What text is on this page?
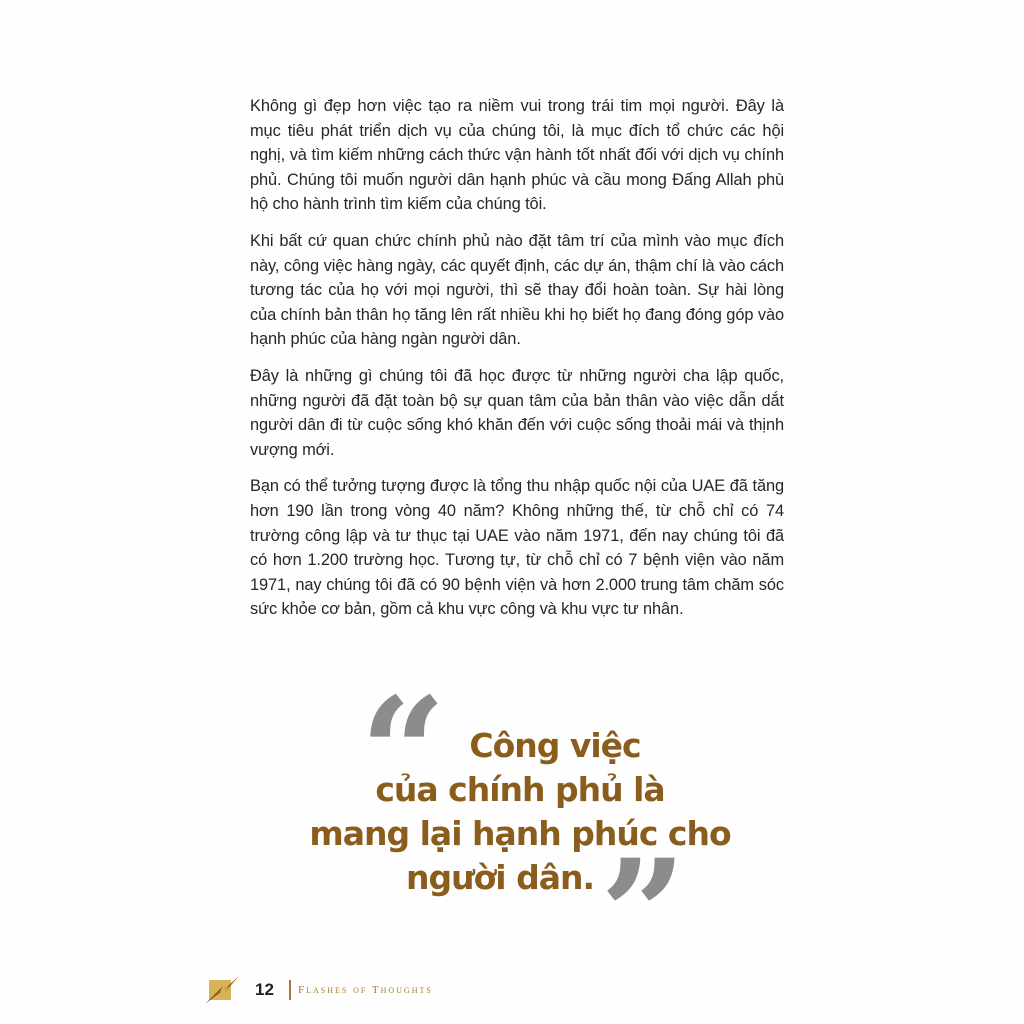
Không gì đẹp hơn việc tạo ra niềm vui trong trái tim mọi người. Đây là mục tiêu phát triển dịch vụ của chúng tôi, là mục đích tổ chức các hội nghị, và tìm kiếm những cách thức vận hành tốt nhất đối với dịch vụ chính phủ. Chúng tôi muốn người dân hạnh phúc và cầu mong Đấng Allah phù hộ cho hành trình tìm kiếm của chúng tôi.

Khi bất cứ quan chức chính phủ nào đặt tâm trí của mình vào mục đích này, công việc hàng ngày, các quyết định, các dự án, thậm chí là vào cách tương tác của họ với mọi người, thì sẽ thay đổi hoàn toàn. Sự hài lòng của chính bản thân họ tăng lên rất nhiều khi họ biết họ đang đóng góp vào hạnh phúc của hàng ngàn người dân.

Đây là những gì chúng tôi đã học được từ những người cha lập quốc, những người đã đặt toàn bộ sự quan tâm của bản thân vào việc dẫn dắt người dân đi từ cuộc sống khó khăn đến với cuộc sống thoải mái và thịnh vượng mới.

Bạn có thể tưởng tượng được là tổng thu nhập quốc nội của UAE đã tăng hơn 190 lần trong vòng 40 năm? Không những thế, từ chỗ chỉ có 74 trường công lập và tư thục tại UAE vào năm 1971, đến nay chúng tôi đã có hơn 1.200 trường học. Tương tự, từ chỗ chỉ có 7 bệnh viện vào năm 1971, nay chúng tôi đã có 90 bệnh viện và hơn 2.000 trung tâm chăm sóc sức khỏe cơ bản, gồm cả khu vực công và khu vực tư nhân.

“ Công việc
của chính phủ là
mang lại hạnh phúc cho
người dân. ”
12 Flashes of Thoughts
